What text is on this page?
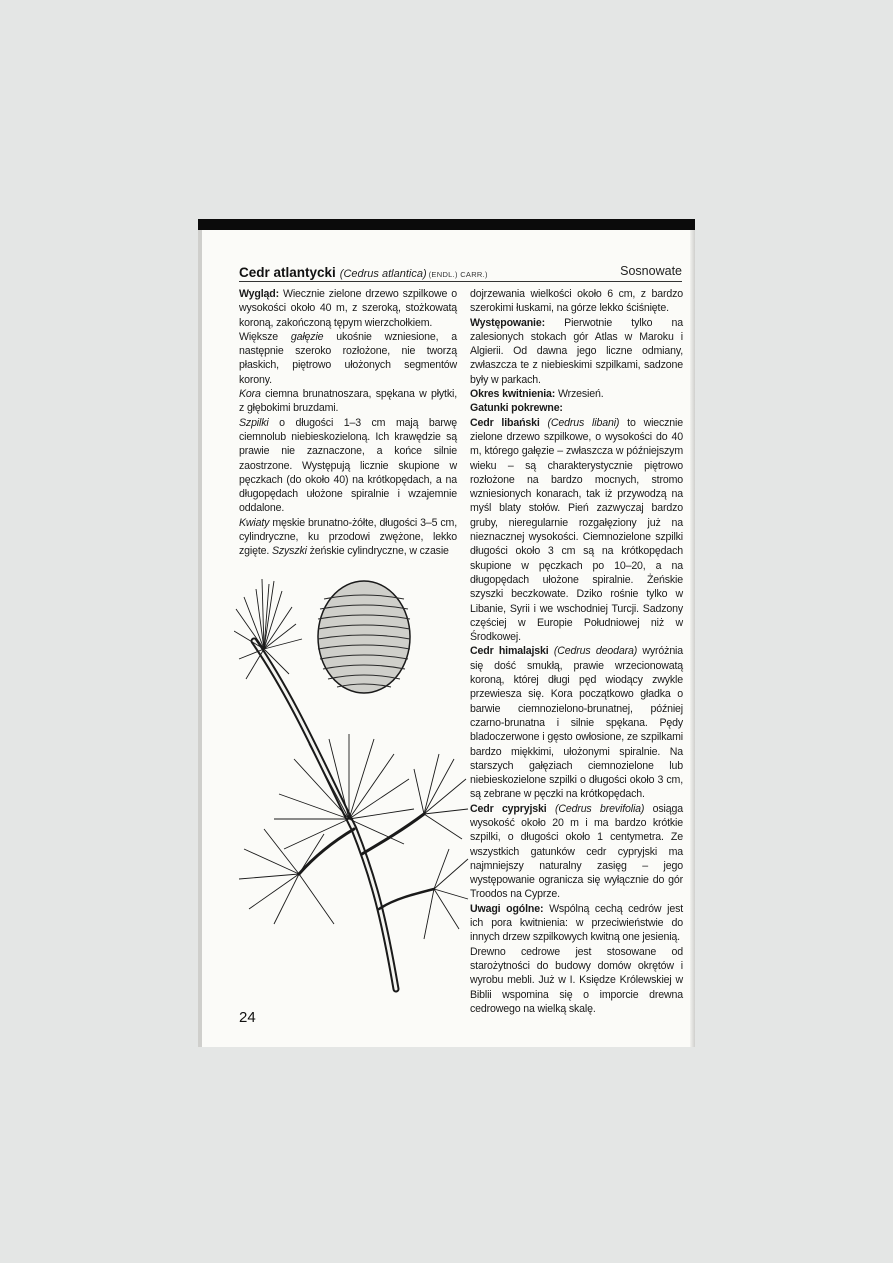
Cedr atlantycki (Cedrus atlantica) (ENDL.) CARR.)	Sosnowate

Wygląd: Wiecznie zielone drzewo szpilkowe o wysokości około 40 m, z szeroką, stożkowatą koroną, zakończoną tępym wierzchołkiem.

Większe gałęzie ukośnie wzniesione, a następnie szeroko rozłożone, nie tworzą płaskich, piętrowo ułożonych segmentów korony.

Kora ciemna brunatnoszara, spękana w płytki, z głębokimi bruzdami.

Szpilki o długości 1–3 cm mają barwę ciemnolub niebieskozieloną. Ich krawędzie są prawie nie zaznaczone, a końce silnie zaostrzone. Występują licznie skupione w pęczkach (do około 40) na krótkopędach, a na długopędach ułożone spiralnie i wzajemnie oddalone.

Kwiaty męskie brunatno-żółte, długości 3–5 cm, cylindryczne, ku przodowi zwężone, lekko zgięte. Szyszki żeńskie cylindryczne, w czasie

dojrzewania wielkości około 6 cm, z bardzo szerokimi łuskami, na górze lekko ściśnięte.

Występowanie: Pierwotnie tylko na zalesionych stokach gór Atlas w Maroku i Algierii. Od dawna jego liczne odmiany, zwłaszcza te z niebieskimi szpilkami, sadzone były w parkach.

Okres kwitnienia: Wrzesień.

Gatunki pokrewne:

Cedr libański (Cedrus libani) to wiecznie zielone drzewo szpilkowe, o wysokości do 40 m, którego gałęzie – zwłaszcza w późniejszym wieku – są charakterystycznie piętrowo rozłożone na bardzo mocnych, stromo wzniesionych konarach, tak iż przywodzą na myśl blaty stołów. Pień zazwyczaj bardzo gruby, nieregularnie rozgałęziony już na nieznacznej wysokości. Ciemnozielone szpilki długości około 3 cm są na krótkopędach skupione w pęczkach po 10–20, a na długopędach ułożone spiralnie. Żeńskie szyszki beczkowate. Dziko rośnie tylko w Libanie, Syrii i we wschodniej Turcji. Sadzony częściej w Europie Południowej niż w Środkowej.

Cedr himalajski (Cedrus deodara) wyróżnia się dość smukłą, prawie wrzecionowatą koroną, której długi pęd wiodący zwykle przewiesza się. Kora początkowo gładka o barwie ciemnozielono-brunatnej, później czarno-brunatna i silnie spękana. Pędy bladoczerwone i gęsto owłosione, ze szpilkami bardzo miękkimi, ułożonymi spiralnie. Na starszych gałęziach ciemnozielone lub niebieskozielone szpilki o długości około 3 cm, są zebrane w pęczki na krótkopędach.

Cedr cypryjski (Cedrus brevifolia) osiąga wysokość około 20 m i ma bardzo krótkie szpilki, o długości około 1 centymetra. Ze wszystkich gatunków cedr cypryjski ma najmniejszy naturalny zasięg – jego występowanie ogranicza się wyłącznie do gór Troodos na Cyprze.

Uwagi ogólne: Wspólną cechą cedrów jest ich pora kwitnienia: w przeciwieństwie do innych drzew szpilkowych kwitną one jesienią.

Drewno cedrowe jest stosowane od starożytności do budowy domów okrętów i wyrobu mebli. Już w I. Księdze Królewskiej w Biblii wspomina się o imporcie drewna cedrowego na wielką skalę.

24
